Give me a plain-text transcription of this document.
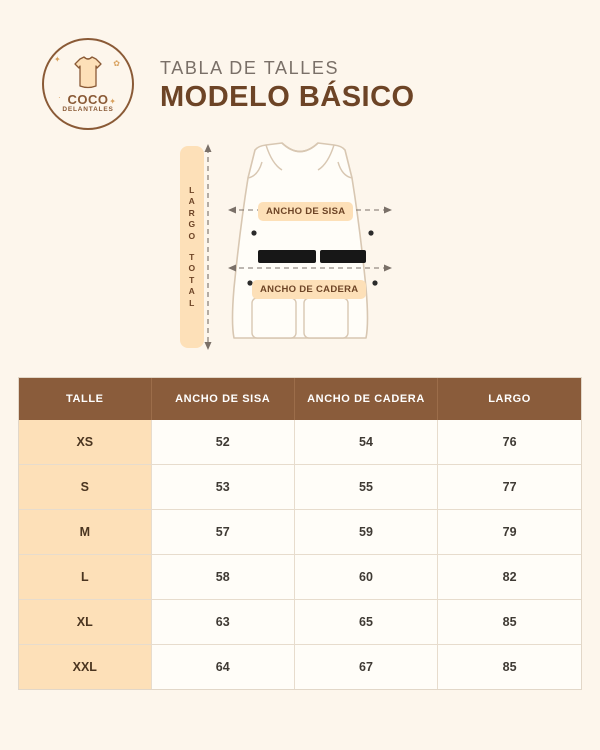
✦	✿
✦
· COCO
DELANTALES
TABLA DE TALLES
MODELO BÁSICO
L
A
R
G
O
T
O
T
A
L
ANCHO DE SISA
ANCHO DE CADERA
TALLE	ANCHO DE SISA	ANCHO DE CADERA	LARGO
XS	52	54	76
S	53	55	77
M	57	59	79
L	58	60	82
XL	63	65	85
XXL	64	67	85
